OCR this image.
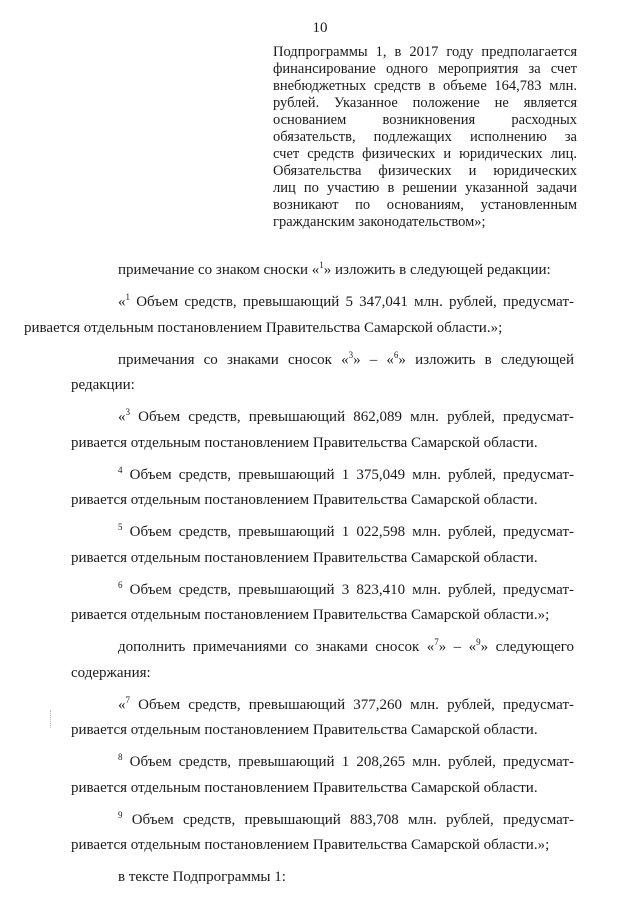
10
Подпрограммы 1, в 2017 году предполагается
финансирование одного мероприятия за счет
внебюджетных средств в объеме 164,783 млн.
рублей. Указанное положение не является
основанием возникновения расходных
обязательств, подлежащих исполнению за
счет средств физических и юридических лиц.
Обязательства физических и юридических
лиц по участию в решении указанной задачи
возникают по основаниям, установленным
гражданским законодательством»;
примечание со знаком сноски «$^1$» изложить в следующей редакции:
«$^1$ Объем средств, превышающий 5 347,041 млн. рублей, предусмат-
ривается отдельным постановлением Правительства Самарской области.»;
примечания со знаками сносок «$^3$» – «$^6$» изложить в следующей
редакции:
«$^3$ Объем средств, превышающий 862,089 млн. рублей, предусмат-
ривается отдельным постановлением Правительства Самарской области.
$^4$ Объем средств, превышающий 1 375,049 млн. рублей, предусмат-
ривается отдельным постановлением Правительства Самарской области.
$^5$ Объем средств, превышающий 1 022,598 млн. рублей, предусмат-
ривается отдельным постановлением Правительства Самарской области.
$^6$ Объем средств, превышающий 3 823,410 млн. рублей, предусмат-
ривается отдельным постановлением Правительства Самарской области.»;
дополнить примечаниями со знаками сносок «$^7$» – «$^9$» следующего
содержания:
«$^7$ Объем средств, превышающий 377,260 млн. рублей, предусмат-
ривается отдельным постановлением Правительства Самарской области.
$^8$ Объем средств, превышающий 1 208,265 млн. рублей, предусмат-
ривается отдельным постановлением Правительства Самарской области.
$^9$ Объем средств, превышающий 883,708 млн. рублей, предусмат-
ривается отдельным постановлением Правительства Самарской области.»;
в тексте Подпрограммы 1:
